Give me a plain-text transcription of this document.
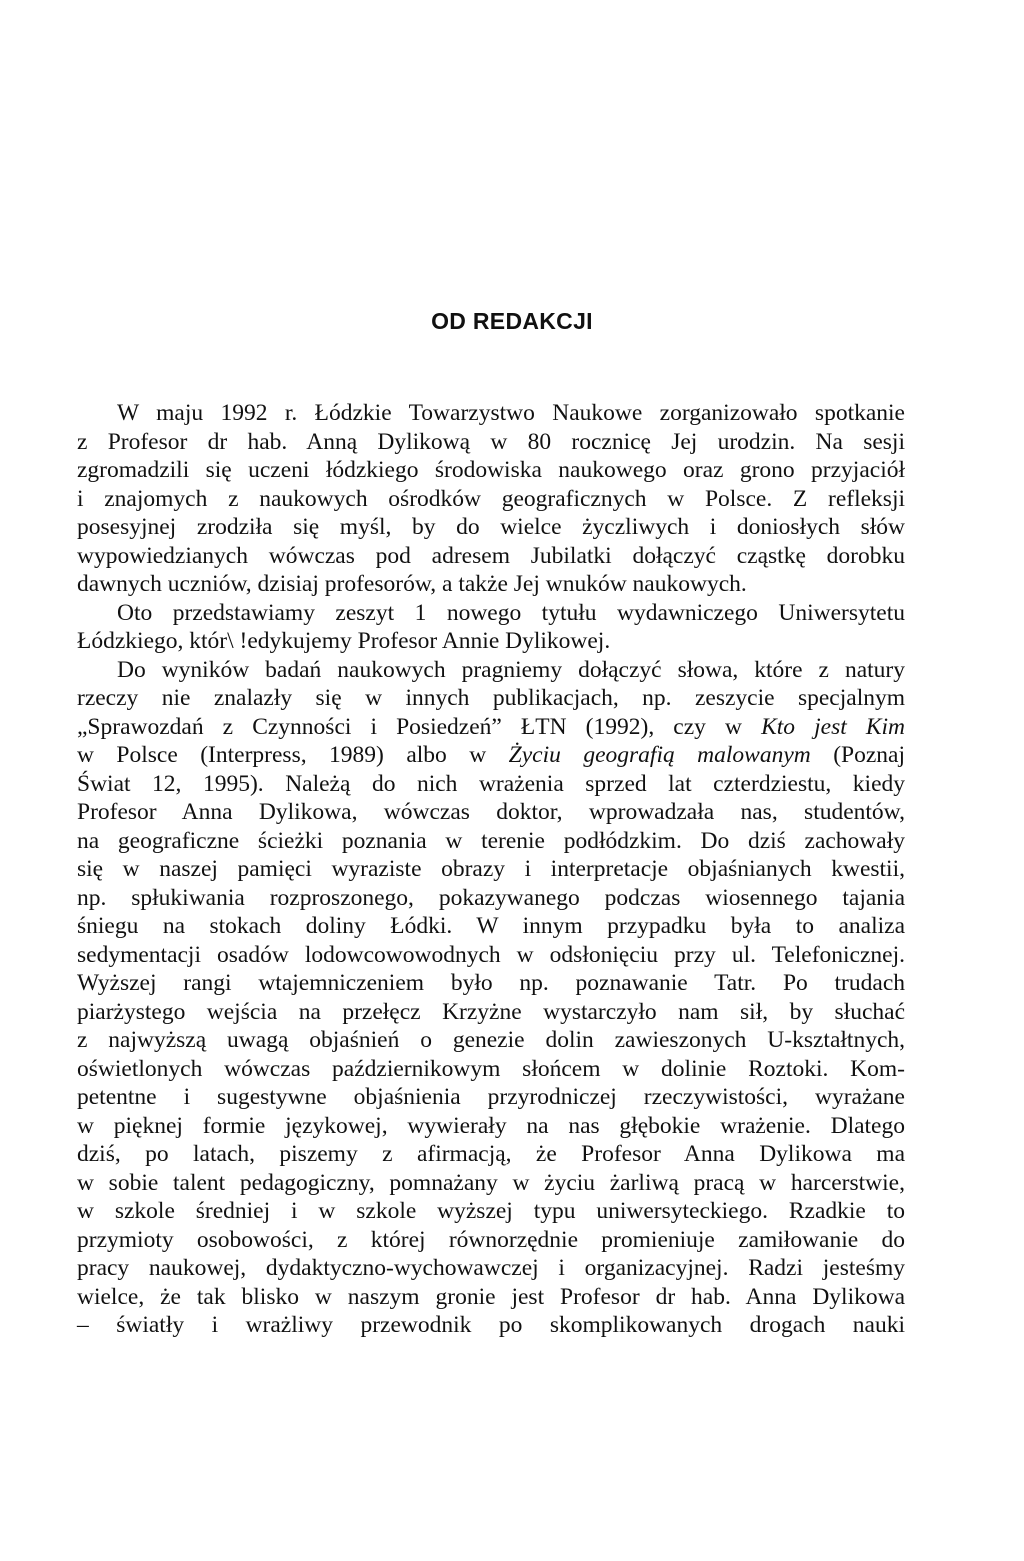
OD REDAKCJI
W maju 1992 r. Łódzkie Towarzystwo Naukowe zorganizowało spotkanie
z Profesor dr hab. Anną Dylikową w 80 rocznicę Jej urodzin. Na sesji
zgromadzili się uczeni łódzkiego środowiska naukowego oraz grono przyjaciół
i znajomych z naukowych ośrodków geograficznych w Polsce. Z refleksji
posesyjnej zrodziła się myśl, by do wielce życzliwych i doniosłych słów
wypowiedzianych wówczas pod adresem Jubilatki dołączyć cząstkę dorobku
dawnych uczniów, dzisiaj profesorów, a także Jej wnuków naukowych.
Oto przedstawiamy zeszyt 1 nowego tytułu wydawniczego Uniwersytetu
Łódzkiego, któr\ !edykujemy Profesor Annie Dylikowej.
Do wyników badań naukowych pragniemy dołączyć słowa, które z natury
rzeczy nie znalazły się w innych publikacjach, np. zeszycie specjalnym
„Sprawozdań z Czynności i Posiedzeń” ŁTN (1992), czy w Kto jest Kim
w Polsce (Interpress, 1989) albo w Życiu geografią malowanym (Poznaj
Świat 12, 1995). Należą do nich wrażenia sprzed lat czterdziestu, kiedy
Profesor Anna Dylikowa, wówczas doktor, wprowadzała nas, studentów,
na geograficzne ścieżki poznania w terenie podłódzkim. Do dziś zachowały
się w naszej pamięci wyraziste obrazy i interpretacje objaśnianych kwestii,
np. spłukiwania rozproszonego, pokazywanego podczas wiosennego tajania
śniegu na stokach doliny Łódki. W innym przypadku była to analiza
sedymentacji osadów lodowcowowodnych w odsłonięciu przy ul. Telefonicznej.
Wyższej rangi wtajemniczeniem było np. poznawanie Tatr. Po trudach
piarżystego wejścia na przełęcz Krzyżne wystarczyło nam sił, by słuchać
z najwyższą uwagą objaśnień o genezie dolin zawieszonych U-kształtnych,
oświetlonych wówczas październikowym słońcem w dolinie Roztoki. Kom-
petentne i sugestywne objaśnienia przyrodniczej rzeczywistości, wyrażane
w pięknej formie językowej, wywierały na nas głębokie wrażenie. Dlatego
dziś, po latach, piszemy z afirmacją, że Profesor Anna Dylikowa ma
w sobie talent pedagogiczny, pomnażany w życiu żarliwą pracą w harcerstwie,
w szkole średniej i w szkole wyższej typu uniwersyteckiego. Rzadkie to
przymioty osobowości, z której równorzędnie promieniuje zamiłowanie do
pracy naukowej, dydaktyczno-wychowawczej i organizacyjnej. Radzi jesteśmy
wielce, że tak blisko w naszym gronie jest Profesor dr hab. Anna Dylikowa
– światły i wrażliwy przewodnik po skomplikowanych drogach nauki
